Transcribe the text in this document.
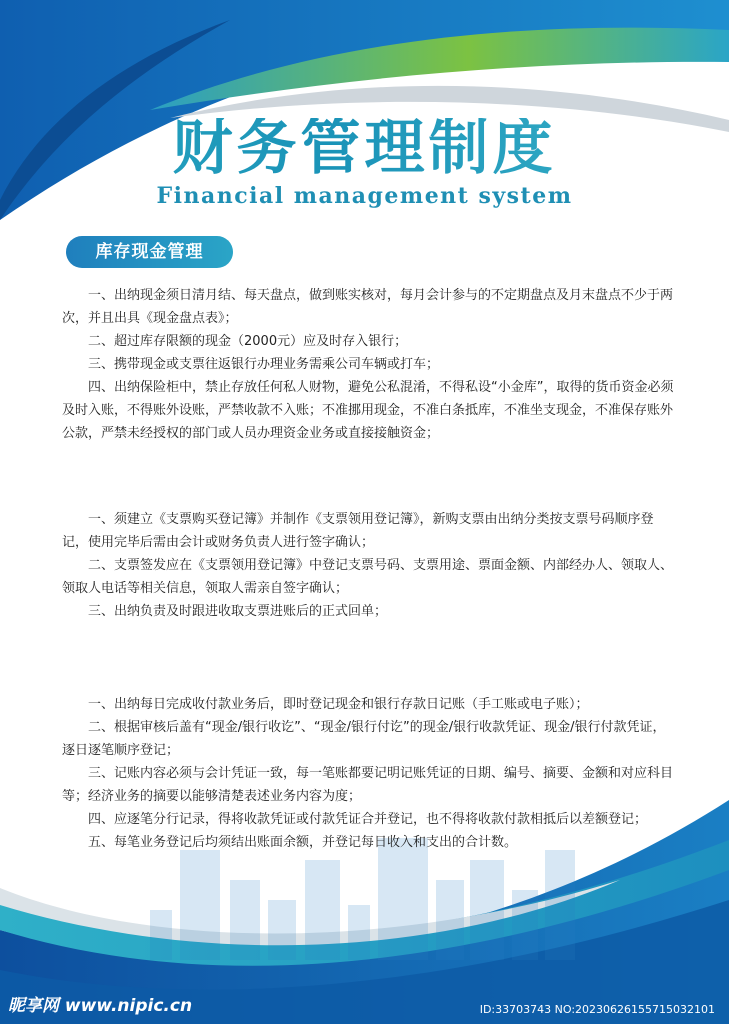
财务管理制度
Financial management system
库存现金管理

一、出纳现金须日清月结、每天盘点，做到账实核对，每月会计参与的不定期盘点及月末盘点不少于两次，并且出具《现金盘点表》；

二、超过库存限额的现金（2000元）应及时存入银行；

三、携带现金或支票往返银行办理业务需乘公司车辆或打车；

四、出纳保险柜中，禁止存放任何私人财物，避免公私混淆，不得私设“小金库”，取得的货币资金必须及时入账，不得账外设账，严禁收款不入账；不准挪用现金，不准白条抵库，不准坐支现金，不准保存账外公款，严禁未经授权的部门或人员办理资金业务或直接接触资金；

一、须建立《支票购买登记簿》并制作《支票领用登记簿》，新购支票由出纳分类按支票号码顺序登记，使用完毕后需由会计或财务负责人进行签字确认；

二、支票签发应在《支票领用登记簿》中登记支票号码、支票用途、票面金额、内部经办人、领取人、领取人电话等相关信息，领取人需亲自签字确认；

三、出纳负责及时跟进收取支票进账后的正式回单；

一、出纳每日完成收付款业务后，即时登记现金和银行存款日记账（手工账或电子账）；

二、根据审核后盖有“现金/银行收讫”、“现金/银行付讫”的现金/银行收款凭证、现金/银行付款凭证，逐日逐笔顺序登记；

三、记账内容必须与会计凭证一致，每一笔账都要记明记账凭证的日期、编号、摘要、金额和对应科目等；经济业务的摘要以能够清楚表述业务内容为度；

四、应逐笔分行记录，得将收款凭证或付款凭证合并登记，也不得将收款付款相抵后以差额登记；

五、每笔业务登记后均须结出账面余额，并登记每日收入和支出的合计数。

昵享网 www.nipic.cn	ID:33703743 NO:20230626155715032101
